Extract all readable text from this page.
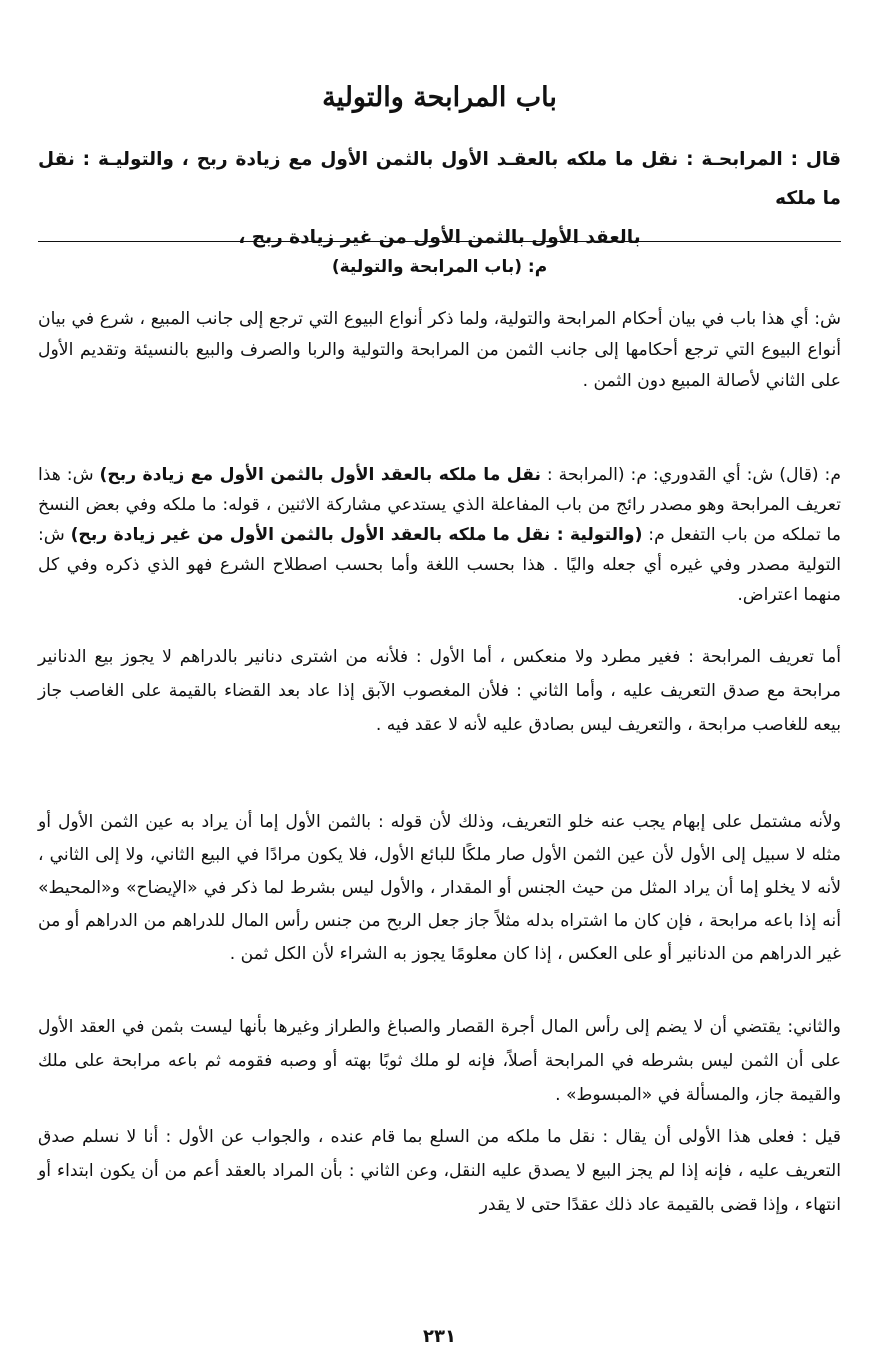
باب المرابحة والتولية
قال : المرابحـة : نقل ما ملكه بالعقـد الأول بالثمن الأول مع زيادة ربح ، والتوليـة : نقل ما ملكه
بالعقد الأول بالثمن الأول من غير زيادة ربح ،
م: (باب المرابحة والتولية)
ش: أي هذا باب في بيان أحكام المرابحة والتولية، ولما ذكر أنواع البيوع التي ترجع إلى جانب المبيع ، شرع في بيان أنواع البيوع التي ترجع أحكامها إلى جانب الثمن من المرابحة والتولية والربا والصرف والبيع بالنسيئة وتقديم الأول على الثاني لأصالة المبيع دون الثمن .
م: (قال) ش: أي القدوري: م: (المرابحة : نقل ما ملكه بالعقد الأول بالثمن الأول مع زيادة ربح) ش: هذا تعريف المرابحة وهو مصدر رائج من باب المفاعلة الذي يستدعي مشاركة الاثنين ، قوله: ما ملكه وفي بعض النسخ ما تملكه من باب التفعل م: (والتولية : نقل ما ملكه بالعقد الأول بالثمن الأول من غير زيادة ربح) ش: التولية مصدر وفي غيره أي جعله واليًا . هذا بحسب اللغة وأما بحسب اصطلاح الشرع فهو الذي ذكره وفي كل منهما اعتراض.
أما تعريف المرابحة : فغير مطرد ولا منعكس ، أما الأول : فلأنه من اشترى دنانير بالدراهم لا يجوز بيع الدنانير مرابحة مع صدق التعريف عليه ، وأما الثاني : فلأن المغصوب الآبق إذا عاد بعد القضاء بالقيمة على الغاصب جاز بيعه للغاصب مرابحة ، والتعريف ليس بصادق عليه لأنه لا عقد فيه .
ولأنه مشتمل على إبهام يجب عنه خلو التعريف، وذلك لأن قوله : بالثمن الأول إما أن يراد به عين الثمن الأول أو مثله لا سبيل إلى الأول لأن عين الثمن الأول صار ملكًا للبائع الأول، فلا يكون مرادًا في البيع الثاني، ولا إلى الثاني ، لأنه لا يخلو إما أن يراد المثل من حيث الجنس أو المقدار ، والأول ليس بشرط لما ذكر في «الإيضاح» و«المحيط» أنه إذا باعه مرابحة ، فإن كان ما اشتراه بدله مثلاً جاز جعل الربح من جنس رأس المال للدراهم من الدراهم أو من غير الدراهم من الدنانير أو على العكس ، إذا كان معلومًا يجوز به الشراء لأن الكل ثمن .
والثاني: يقتضي أن لا يضم إلى رأس المال أجرة القصار والصباغ والطراز وغيرها بأنها ليست بثمن في العقد الأول على أن الثمن ليس بشرطه في المرابحة أصلاً، فإنه لو ملك ثوبًا بهته أو وصبه فقومه ثم باعه مرابحة على ملك والقيمة جاز، والمسألة في «المبسوط» .
قيل : فعلى هذا الأولى أن يقال : نقل ما ملكه من السلع بما قام عنده ، والجواب عن الأول : أنا لا نسلم صدق التعريف عليه ، فإنه إذا لم يجز البيع لا يصدق عليه النقل، وعن الثاني : بأن المراد بالعقد أعم من أن يكون ابتداء أو انتهاء ، وإذا قضى بالقيمة عاد ذلك عقدًا حتى لا يقدر
٢٣١
